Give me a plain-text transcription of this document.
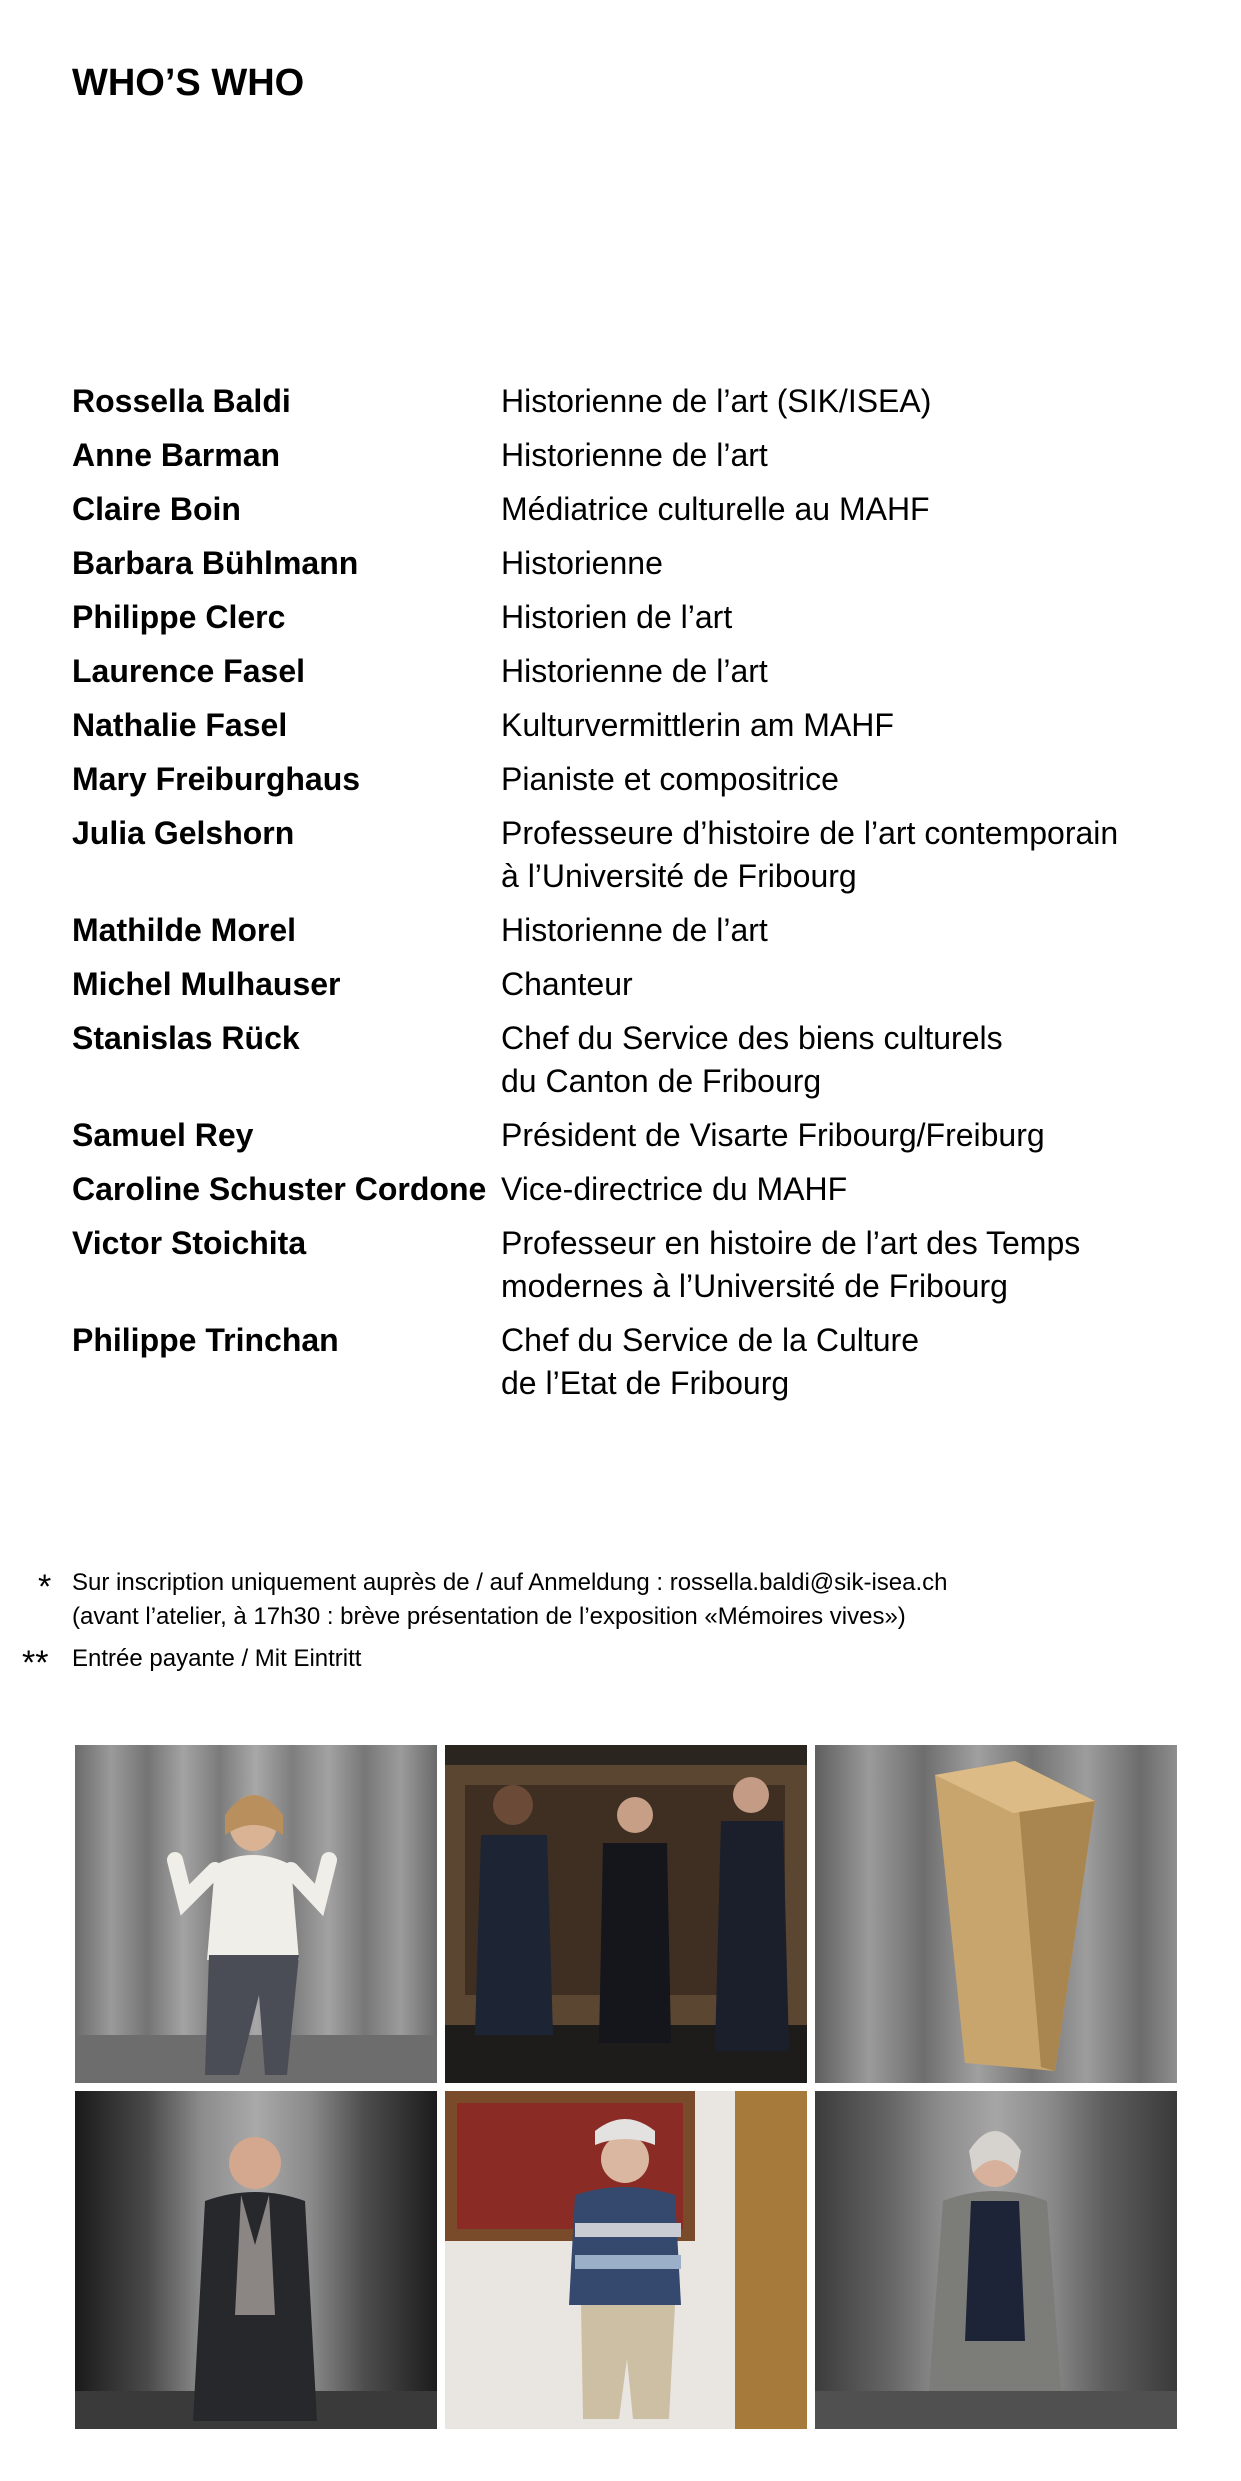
WHO’S WHO
Rossella Baldi	Historienne de l’art (SIK/ISEA)
Anne Barman	Historienne de l’art
Claire Boin	Médiatrice culturelle au MAHF
Barbara Bühlmann	Historienne
Philippe Clerc	Historien de l’art
Laurence Fasel	Historienne de l’art
Nathalie Fasel	Kulturvermittlerin am MAHF
Mary Freiburghaus	Pianiste et compositrice
Julia Gelshorn	Professeure d’histoire de l’art contemporain
à l’Université de Fribourg
Mathilde Morel	Historienne de l’art
Michel Mulhauser	Chanteur
Stanislas Rück	Chef du Service des biens culturels
du Canton de Fribourg
Samuel Rey	Président de Visarte Fribourg/Freiburg
Caroline Schuster Cordone Vice-directrice du MAHF
Victor Stoichita	Professeur en histoire de l’art des Temps
modernes à l’Université de Fribourg
Philippe Trinchan	Chef du Service de la Culture
de l’Etat de Fribourg
* Sur inscription uniquement auprès de / auf Anmeldung : rossella.baldi@sik-isea.ch
(avant l’atelier, à 17h30 : brève présentation de l’exposition «Mémoires vives»)
** Entrée payante / Mit Eintritt
